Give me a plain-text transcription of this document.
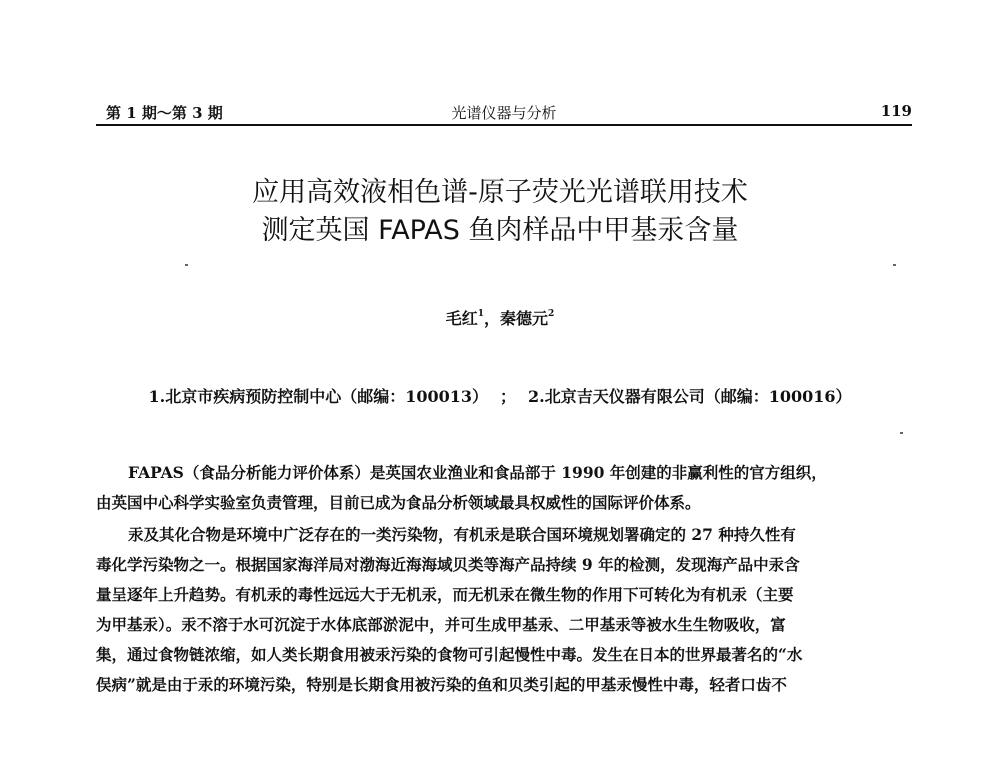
第 1 期～第 3 期	光谱仪器与分析	119
应用高效液相色谱-原子荧光光谱联用技术
测定英国 FAPAS 鱼肉样品中甲基汞含量
毛红$^1$，秦德元$^2$
1.北京市疾病预防控制中心（邮编：100013） ； 2.北京吉天仪器有限公司（邮编：100016）
FAPAS（食品分析能力评价体系）是英国农业渔业和食品部于 1990 年创建的非赢利性的官方组织，
由英国中心科学实验室负责管理，目前已成为食品分析领域最具权威性的国际评价体系。
汞及其化合物是环境中广泛存在的一类污染物，有机汞是联合国环境规划署确定的 27 种持久性有
毒化学污染物之一。根据国家海洋局对渤海近海海域贝类等海产品持续 9 年的检测，发现海产品中汞含
量呈逐年上升趋势。有机汞的毒性远远大于无机汞，而无机汞在微生物的作用下可转化为有机汞（主要
为甲基汞）。汞不溶于水可沉淀于水体底部淤泥中，并可生成甲基汞、二甲基汞等被水生生物吸收，富
集，通过食物链浓缩，如人类长期食用被汞污染的食物可引起慢性中毒。发生在日本的世界最著名的“水
俣病”就是由于汞的环境污染，特别是长期食用被污染的鱼和贝类引起的甲基汞慢性中毒，轻者口齿不
